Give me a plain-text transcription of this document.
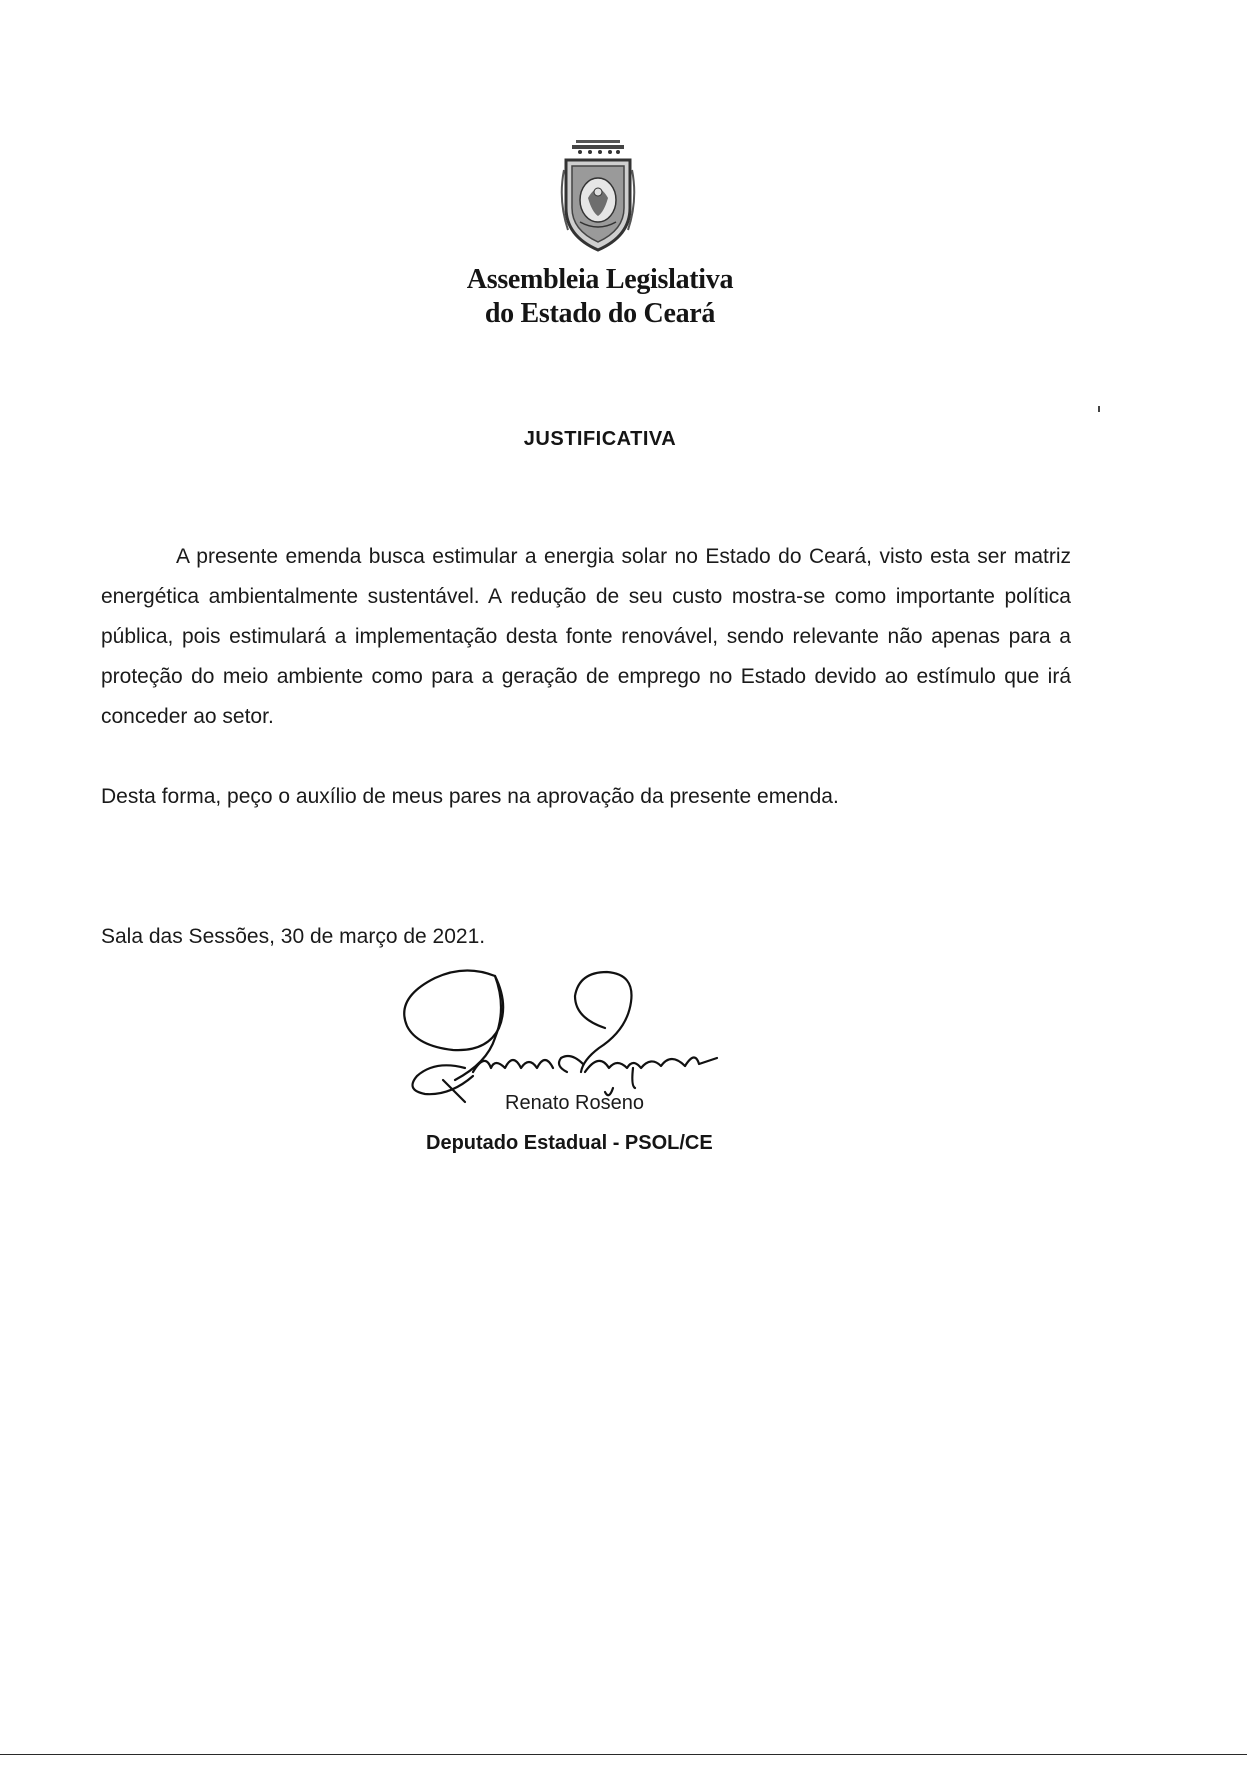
Assembleia Legislativa
do Estado do Ceará
JUSTIFICATIVA
A presente emenda busca estimular a energia solar no Estado do Ceará, visto esta ser matriz energética ambientalmente sustentável. A redução de seu custo mostra-se como importante política pública, pois estimulará a implementação desta fonte renovável, sendo relevante não apenas para a proteção do meio ambiente como para a geração de emprego no Estado devido ao estímulo que irá conceder ao setor.
Desta forma, peço o auxílio de meus pares na aprovação da presente emenda.
Sala das Sessões, 30 de março de 2021.
Renato Roseno
Deputado Estadual - PSOL/CE
